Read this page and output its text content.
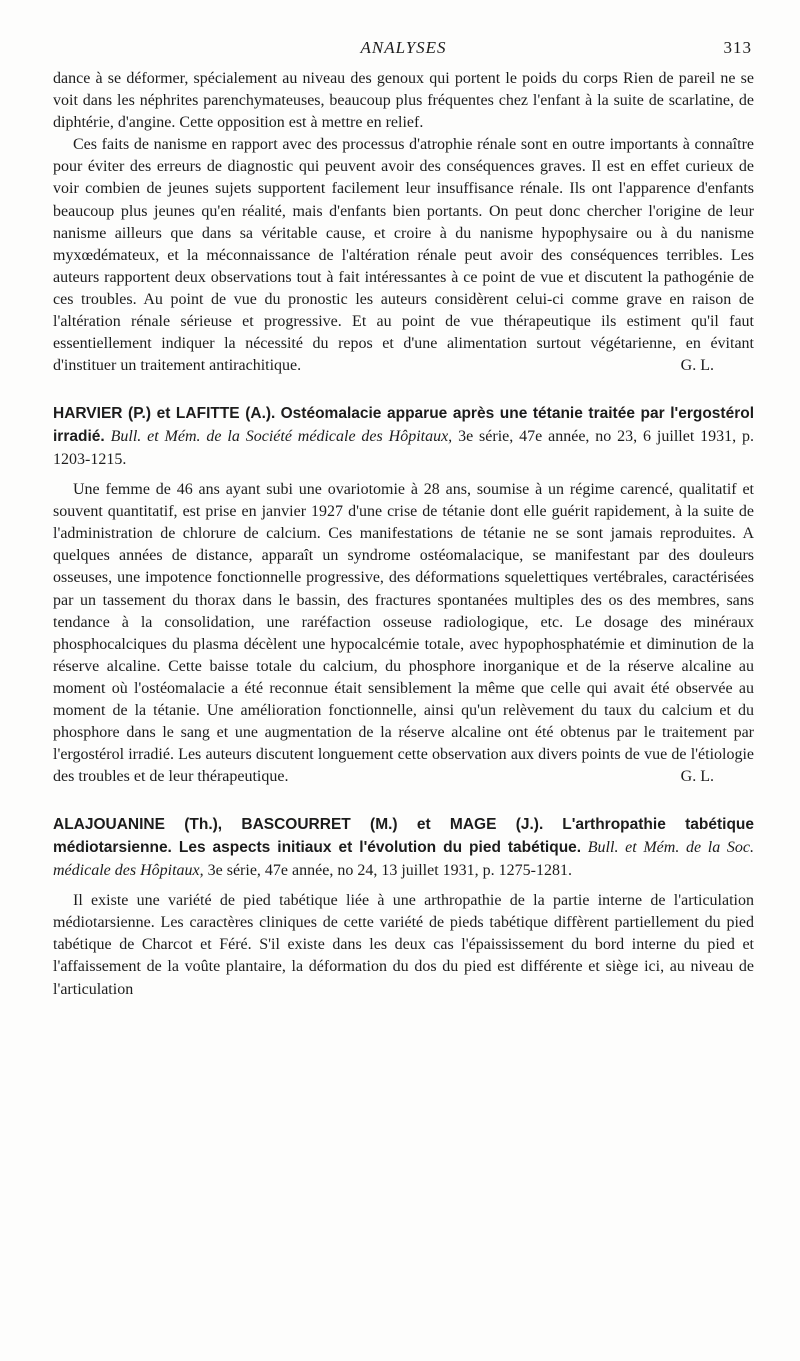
ANALYSES	313

dance à se déformer, spécialement au niveau des genoux qui portent le poids du corps Rien de pareil ne se voit dans les néphrites parenchymateuses, beaucoup plus fréquentes chez l'enfant à la suite de scarlatine, de diphtérie, d'angine. Cette opposition est à mettre en relief.

Ces faits de nanisme en rapport avec des processus d'atrophie rénale sont en outre importants à connaître pour éviter des erreurs de diagnostic qui peuvent avoir des conséquences graves. Il est en effet curieux de voir combien de jeunes sujets supportent facilement leur insuffisance rénale. Ils ont l'apparence d'enfants beaucoup plus jeunes qu'en réalité, mais d'enfants bien portants. On peut donc chercher l'origine de leur nanisme ailleurs que dans sa véritable cause, et croire à du nanisme hypophysaire ou à du nanisme myxœdémateux, et la méconnaissance de l'altération rénale peut avoir des conséquences terribles. Les auteurs rapportent deux observations tout à fait intéressantes à ce point de vue et discutent la pathogénie de ces troubles. Au point de vue du pronostic les auteurs considèrent celui-ci comme grave en raison de l'altération rénale sérieuse et progressive. Et au point de vue thérapeutique ils estiment qu'il faut essentiellement indiquer la nécessité du repos et d'une alimentation surtout végétarienne, en évitant d'instituer un traitement antirachitique.	G. L.

HARVIER (P.) et LAFITTE (A.). Ostéomalacie apparue après une tétanie traitée par l'ergostérol irradié. Bull. et Mém. de la Société médicale des Hôpitaux, 3e série, 47e année, no 23, 6 juillet 1931, p. 1203-1215.

Une femme de 46 ans ayant subi une ovariotomie à 28 ans, soumise à un régime carencé, qualitatif et souvent quantitatif, est prise en janvier 1927 d'une crise de tétanie dont elle guérit rapidement, à la suite de l'administration de chlorure de calcium. Ces manifestations de tétanie ne se sont jamais reproduites. A quelques années de distance, apparaît un syndrome ostéomalacique, se manifestant par des douleurs osseuses, une impotence fonctionnelle progressive, des déformations squelettiques vertébrales, caractérisées par un tassement du thorax dans le bassin, des fractures spontanées multiples des os des membres, sans tendance à la consolidation, une raréfaction osseuse radiologique, etc. Le dosage des minéraux phosphocalciques du plasma décèlent une hypocalcémie totale, avec hypophosphatémie et diminution de la réserve alcaline. Cette baisse totale du calcium, du phosphore inorganique et de la réserve alcaline au moment où l'ostéomalacie a été reconnue était sensiblement la même que celle qui avait été observée au moment de la tétanie. Une amélioration fonctionnelle, ainsi qu'un relèvement du taux du calcium et du phosphore dans le sang et une augmentation de la réserve alcaline ont été obtenus par le traitement par l'ergostérol irradié. Les auteurs discutent longuement cette observation aux divers points de vue de l'étiologie des troubles et de leur thérapeutique.	G. L.

ALAJOUANINE (Th.), BASCOURRET (M.) et MAGE (J.). L'arthropathie tabétique médiotarsienne. Les aspects initiaux et l'évolution du pied tabétique. Bull. et Mém. de la Soc. médicale des Hôpitaux, 3e série, 47e année, no 24, 13 juillet 1931, p. 1275-1281.

Il existe une variété de pied tabétique liée à une arthropathie de la partie interne de l'articulation médiotarsienne. Les caractères cliniques de cette variété de pieds tabétique diffèrent partiellement du pied tabétique de Charcot et Féré. S'il existe dans les deux cas l'épaississement du bord interne du pied et l'affaissement de la voûte plantaire, la déformation du dos du pied est différente et siège ici, au niveau de l'articulation
